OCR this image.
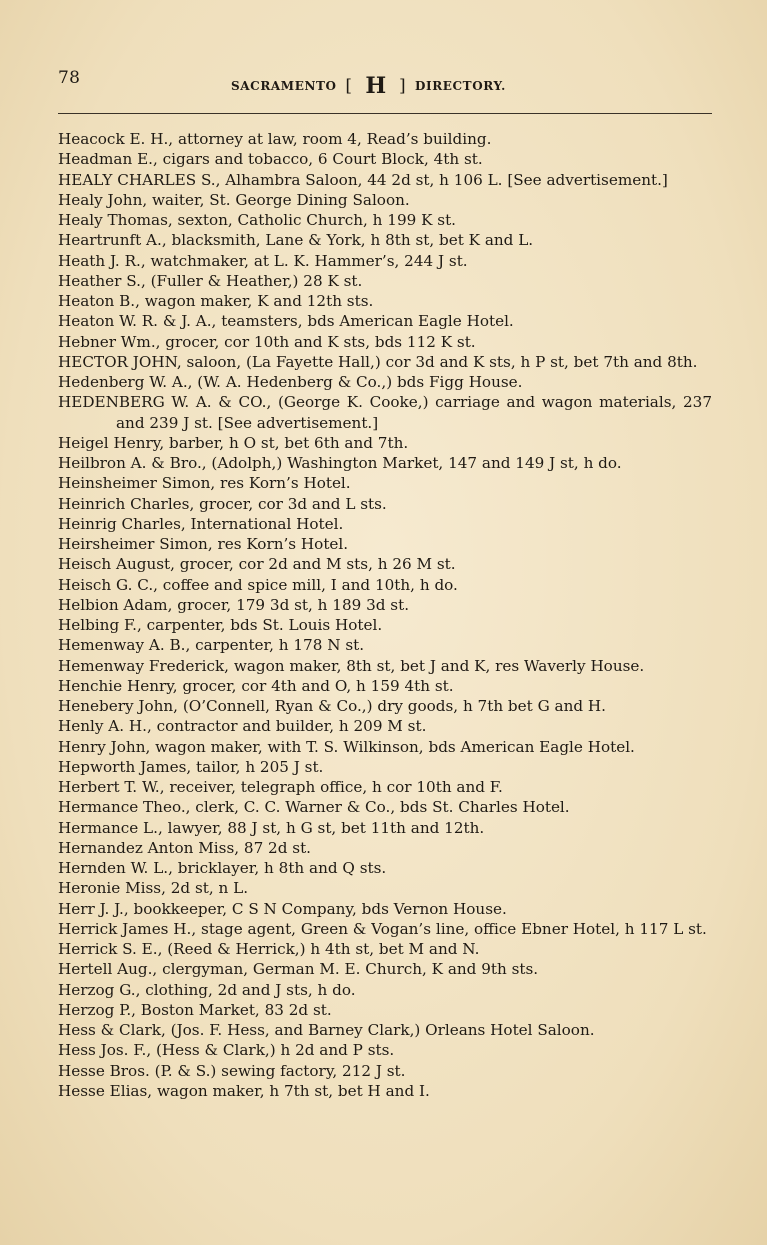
78	SACRAMENTO [ H ] DIRECTORY.
Heacock E. H., attorney at law, room 4, Read’s building.
Headman E., cigars and tobacco, 6 Court Block, 4th st.
HEALY CHARLES S., Alhambra Saloon, 44 2d st, h 106 L. [See advertisement.]
Healy John, waiter, St. George Dining Saloon.
Healy Thomas, sexton, Catholic Church, h 199 K st.
Heartrunft A., blacksmith, Lane & York, h 8th st, bet K and L.
Heath J. R., watchmaker, at L. K. Hammer’s, 244 J st.
Heather S., (Fuller & Heather,) 28 K st.
Heaton B., wagon maker, K and 12th sts.
Heaton W. R. & J. A., teamsters, bds American Eagle Hotel.
Hebner Wm., grocer, cor 10th and K sts, bds 112 K st.
HECTOR JOHN, saloon, (La Fayette Hall,) cor 3d and K sts, h P st, bet 7th and 8th.
Hedenberg W. A., (W. A. Hedenberg & Co.,) bds Figg House.
HEDENBERG W. A. & CO., (George K. Cooke,) carriage and wagon materials, 237 and 239 J st. [See advertisement.]
Heigel Henry, barber, h O st, bet 6th and 7th.
Heilbron A. & Bro., (Adolph,) Washington Market, 147 and 149 J st, h do.
Heinsheimer Simon, res Korn’s Hotel.
Heinrich Charles, grocer, cor 3d and L sts.
Heinrig Charles, International Hotel.
Heirsheimer Simon, res Korn’s Hotel.
Heisch August, grocer, cor 2d and M sts, h 26 M st.
Heisch G. C., coffee and spice mill, I and 10th, h do.
Helbion Adam, grocer, 179 3d st, h 189 3d st.
Helbing F., carpenter, bds St. Louis Hotel.
Hemenway A. B., carpenter, h 178 N st.
Hemenway Frederick, wagon maker, 8th st, bet J and K, res Waverly House.
Henchie Henry, grocer, cor 4th and O, h 159 4th st.
Henebery John, (O’Connell, Ryan & Co.,) dry goods, h 7th bet G and H.
Henly A. H., contractor and builder, h 209 M st.
Henry John, wagon maker, with T. S. Wilkinson, bds American Eagle Hotel.
Hepworth James, tailor, h 205 J st.
Herbert T. W., receiver, telegraph office, h cor 10th and F.
Hermance Theo., clerk, C. C. Warner & Co., bds St. Charles Hotel.
Hermance L., lawyer, 88 J st, h G st, bet 11th and 12th.
Hernandez Anton Miss, 87 2d st.
Hernden W. L., bricklayer, h 8th and Q sts.
Heronie Miss, 2d st, n L.
Herr J. J., bookkeeper, C S N Company, bds Vernon House.
Herrick James H., stage agent, Green & Vogan’s line, office Ebner Hotel, h 117 L st.
Herrick S. E., (Reed & Herrick,) h 4th st, bet M and N.
Hertell Aug., clergyman, German M. E. Church, K and 9th sts.
Herzog G., clothing, 2d and J sts, h do.
Herzog P., Boston Market, 83 2d st.
Hess & Clark, (Jos. F. Hess, and Barney Clark,) Orleans Hotel Saloon.
Hess Jos. F., (Hess & Clark,) h 2d and P sts.
Hesse Bros. (P. & S.) sewing factory, 212 J st.
Hesse Elias, wagon maker, h 7th st, bet H and I.
